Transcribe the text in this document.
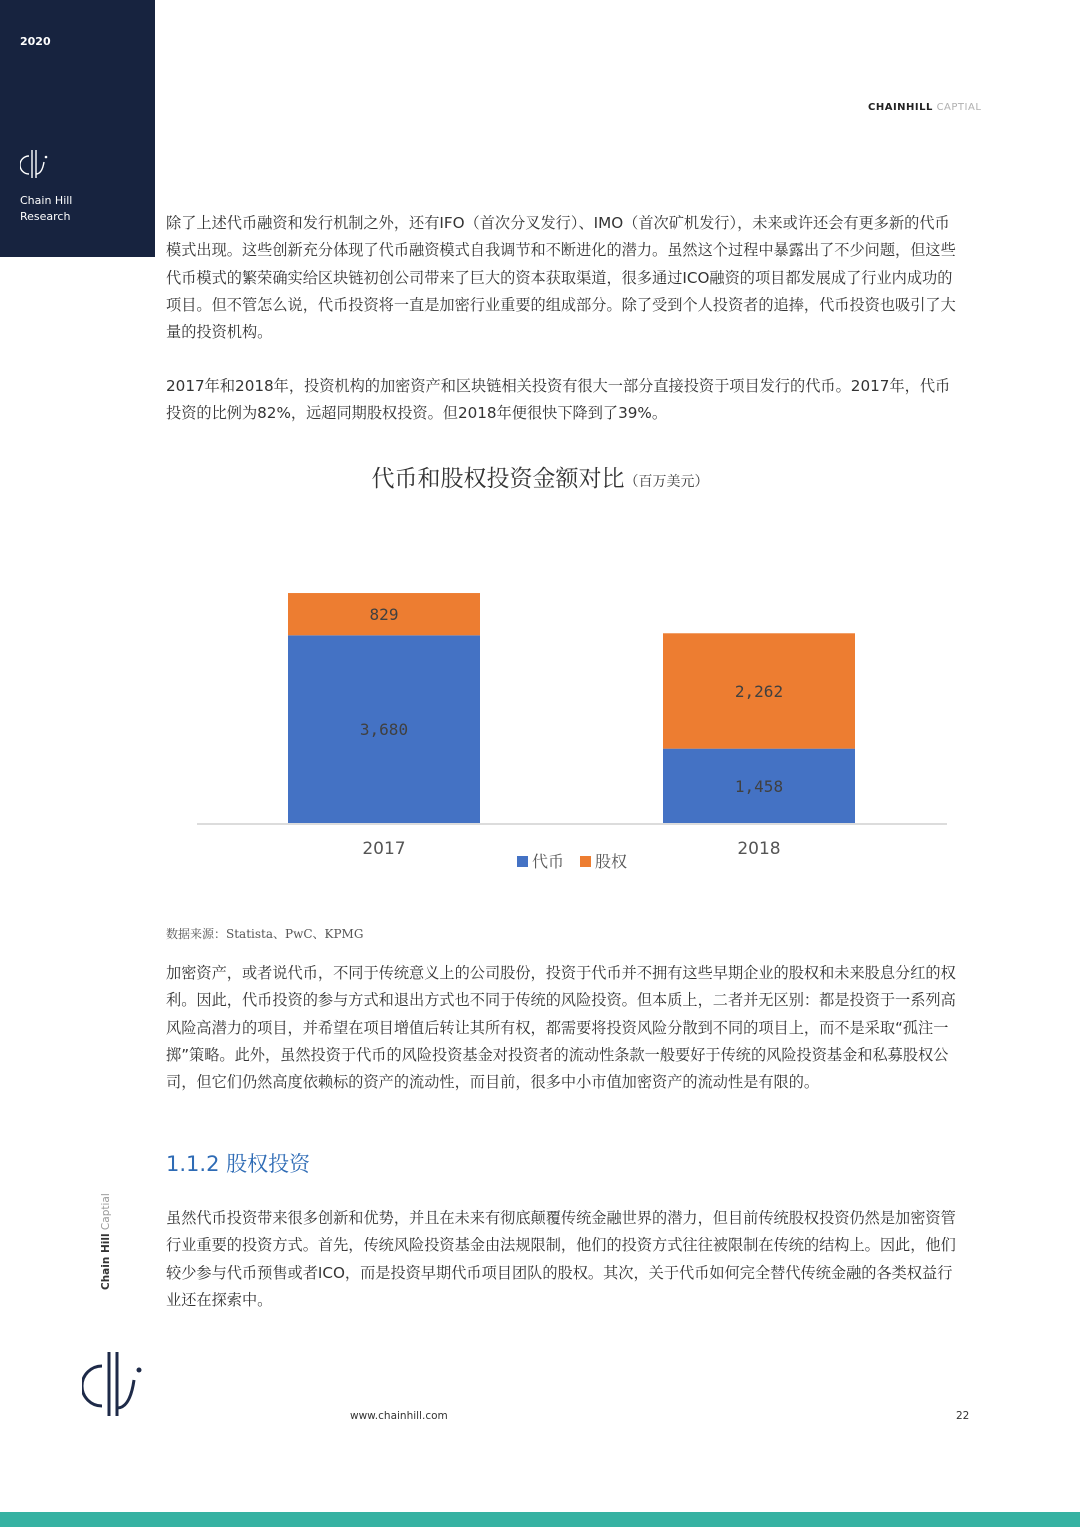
2020
Chain Hill
Research
CHAINHILL CAPTIAL

除了上述代币融资和发行机制之外，还有IFO（首次分叉发行）、IMO（首次矿机发行），未来或许还会有更多新的代币模式出现。这些创新充分体现了代币融资模式自我调节和不断进化的潜力。虽然这个过程中暴露出了不少问题，但这些代币模式的繁荣确实给区块链初创公司带来了巨大的资本获取渠道，很多通过ICO融资的项目都发展成了行业内成功的项目。但不管怎么说，代币投资将一直是加密行业重要的组成部分。除了受到个人投资者的追捧，代币投资也吸引了大量的投资机构。

2017年和2018年，投资机构的加密资产和区块链相关投资有很大一部分直接投资于项目发行的代币。2017年，代币投资的比例为82%，远超同期股权投资。但2018年便很快下降到了39%。

代币和股权投资金额对比（百万美元）
3,680
829
2017
1,458
2,262
2018
代币 股权
数据来源：Statista、PwC、KPMG

加密资产，或者说代币，不同于传统意义上的公司股份，投资于代币并不拥有这些早期企业的股权和未来股息分红的权利。因此，代币投资的参与方式和退出方式也不同于传统的风险投资。但本质上，二者并无区别：都是投资于一系列高风险高潜力的项目，并希望在项目增值后转让其所有权，都需要将投资风险分散到不同的项目上，而不是采取“孤注一掷”策略。此外，虽然投资于代币的风险投资基金对投资者的流动性条款一般要好于传统的风险投资基金和私募股权公司，但它们仍然高度依赖标的资产的流动性，而目前，很多中小市值加密资产的流动性是有限的。

1.1.2 股权投资

虽然代币投资带来很多创新和优势，并且在未来有彻底颠覆传统金融世界的潜力，但目前传统股权投资仍然是加密资管行业重要的投资方式。首先，传统风险投资基金由法规限制，他们的投资方式往往被限制在传统的结构上。因此，他们较少参与代币预售或者ICO，而是投资早期代币项目团队的股权。其次，关于代币如何完全替代传统金融的各类权益行业还在探索中。

Chain Hill Captial
www.chainhill.com	22
